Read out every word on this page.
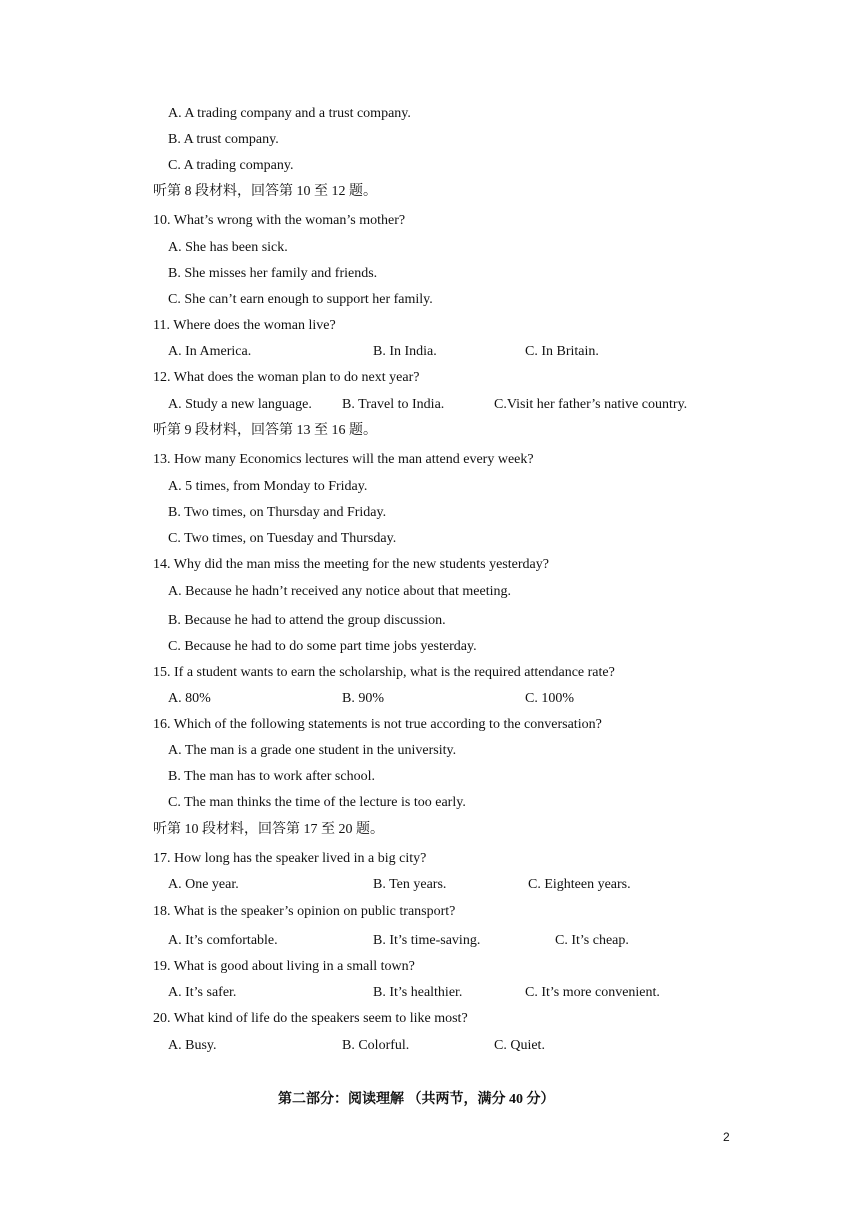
A. A trading company and a trust company.
B. A trust company.
C. A trading company.
听第 8 段材料，回答第 10 至 12 题。
10. What’s wrong with the woman’s mother?
A. She has been sick.
B. She misses her family and friends.
C. She can’t earn enough to support her family.
11. Where does the woman live?
A. In America.	B. In India.	C. In Britain.
12. What does the woman plan to do next year?
A. Study a new language. B. Travel to India.	C.Visit her father’s native country.
听第 9 段材料，回答第 13 至 16 题。
13. How many Economics lectures will the man attend every week?
A. 5 times, from Monday to Friday.
B. Two times, on Thursday and Friday.
C. Two times, on Tuesday and Thursday.
14. Why did the man miss the meeting for the new students yesterday?
A. Because he hadn’t received any notice about that meeting.
B. Because he had to attend the group discussion.
C. Because he had to do some part time jobs yesterday.
15. If a student wants to earn the scholarship, what is the required attendance rate?
A. 80%	B. 90%	C. 100%
16. Which of the following statements is not true according to the conversation?
A. The man is a grade one student in the university.
B. The man has to work after school.
C. The man thinks the time of the lecture is too early.
听第 10 段材料，回答第 17 至 20 题。
17. How long has the speaker lived in a big city?
A. One year.	B. Ten years.	C. Eighteen years.
18. What is the speaker’s opinion on public transport?
A. It’s comfortable.	B. It’s time-saving.	C. It’s cheap.
19. What is good about living in a small town?
A. It’s safer.	B. It’s healthier.	C. It’s more convenient.
20. What kind of life do the speakers seem to like most?
A. Busy.	B. Colorful.	C. Quiet.
第二部分：阅读理解 （共两节，满分 40 分）
2
